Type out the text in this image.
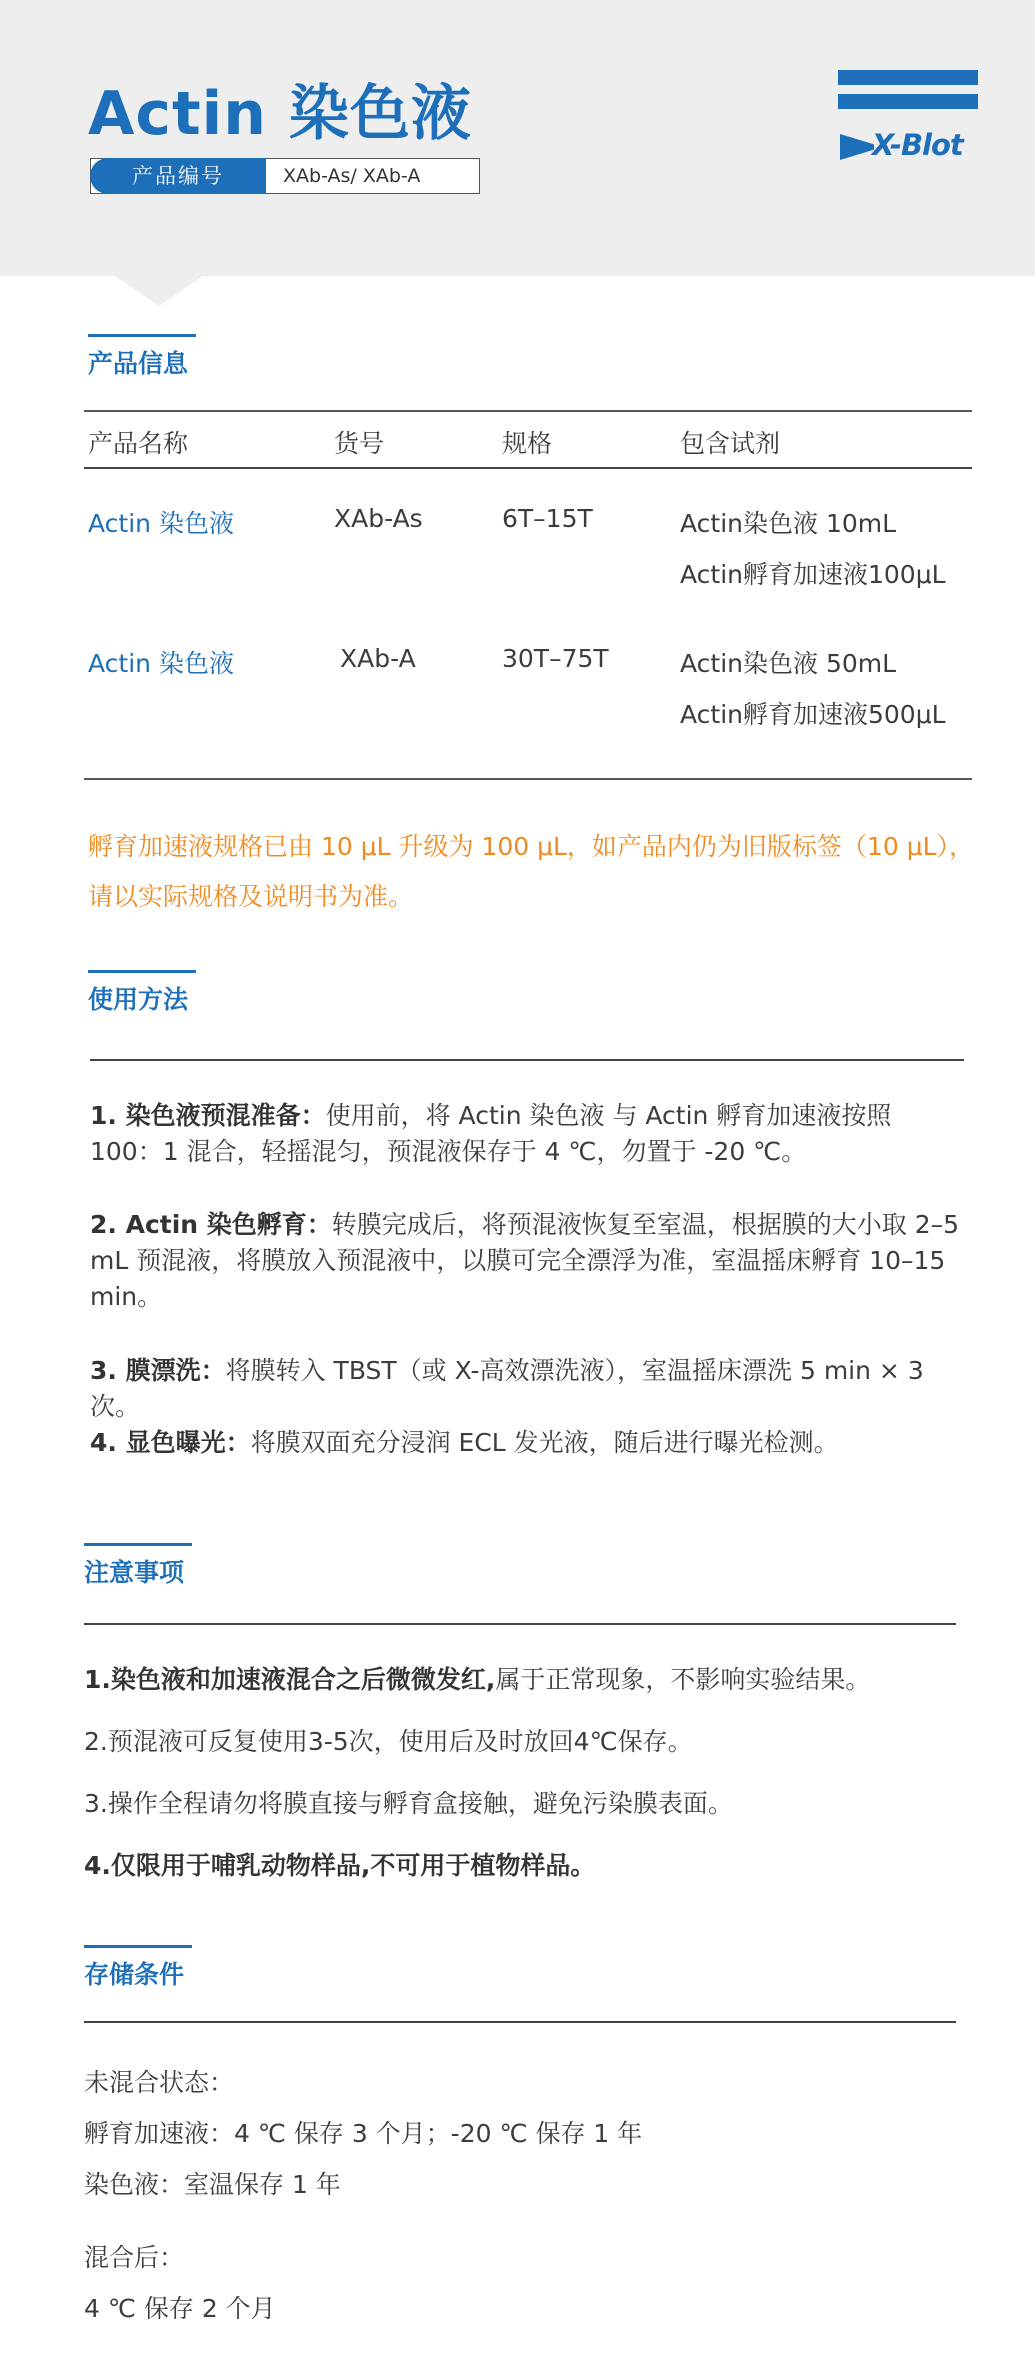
Actin 染色液
产品编号	XAb-As/ XAb-A
X-Blot
产品信息
产品名称	货号	规格	包含试剂
Actin 染色液	XAb-As	6T–15T	Actin染色液 10mL
Actin孵育加速液100μL
Actin 染色液	XAb-A	30T–75T	Actin染色液 50mL
Actin孵育加速液500μL
孵育加速液规格已由 10 μL 升级为 100 μL，如产品内仍为旧版标签（10 μL），
请以实际规格及说明书为准。
使用方法
1. 染色液预混准备：使用前，将 Actin 染色液 与 Actin 孵育加速液按照100：1 混合，轻摇混匀，预混液保存于 4 ℃，勿置于 -20 ℃。
2. Actin 染色孵育：转膜完成后，将预混液恢复至室温，根据膜的大小取 2–5 mL 预混液，将膜放入预混液中，以膜可完全漂浮为准，室温摇床孵育 10–15 min。
3. 膜漂洗：将膜转入 TBST（或 X-高效漂洗液），室温摇床漂洗 5 min × 3 次。
4. 显色曝光：将膜双面充分浸润 ECL 发光液，随后进行曝光检测。
注意事项
1.染色液和加速液混合之后微微发红,属于正常现象，不影响实验结果。
2.预混液可反复使用3-5次，使用后及时放回4℃保存。
3.操作全程请勿将膜直接与孵育盒接触，避免污染膜表面。
4.仅限用于哺乳动物样品,不可用于植物样品。
存储条件
未混合状态：
孵育加速液：4 ℃ 保存 3 个月；-20 ℃ 保存 1 年
染色液：室温保存 1 年
混合后：
4 ℃ 保存 2 个月
